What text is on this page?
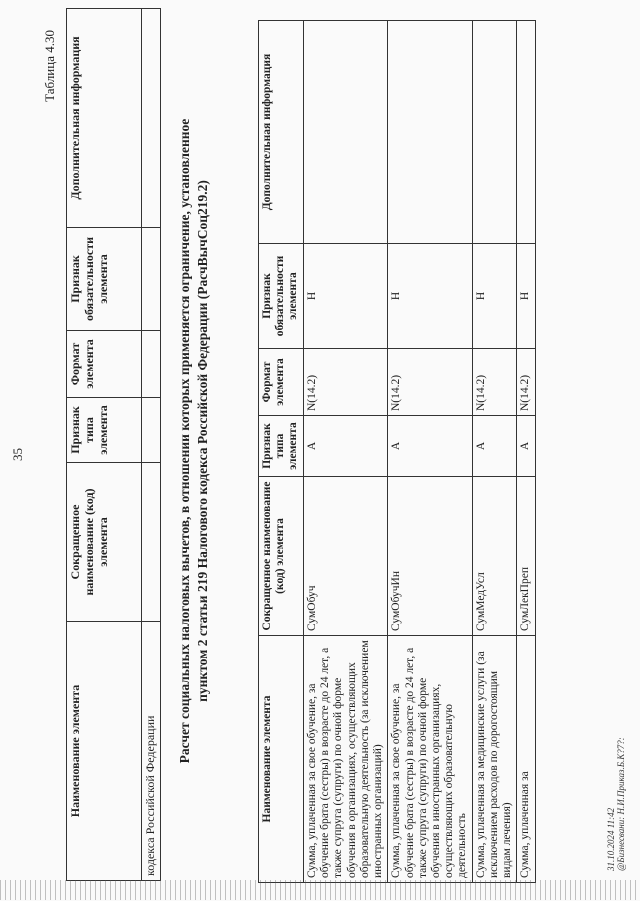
35
Наименование элемента	Сокращенное наименование (код) элемента	Признак типа элемента	Формат элемента	Признак обязательности элемента	Дополнительная информация
кодекса Российской Федерации					
Таблица 4.30
Расчет социальных налоговых вычетов, в отношении которых применяется ограничение, установленное пунктом 2 статьи 219 Налогового кодекса Российской Федерации (РасчВычСоц219.2)
Наименование элемента	Сокращенное наименование (код) элемента	Признак типа элемента	Формат элемента	Признак обязательности элемента	Дополнительная информация
Сумма, уплаченная за свое обучение, за обучение брата (сестры) в возрасте до 24 лет, а также супруга (супруги) по очной форме обучения в организациях, осуществляющих образовательную деятельность (за исключением иностранных организаций)	СумОбуч	А	N(14.2)	Н	
Сумма, уплаченная за свое обучение, за обучение брата (сестры) в возрасте до 24 лет, а также супруга (супруги) по очной форме обучения в иностранных организациях, осуществляющих образовательную деятельность	СумОбучИн	А	N(14.2)	Н	
Сумма, уплаченная за медицинские услуги (за исключением расходов по дорогостоящим видам лечения)	СумМедУсл	А	N(14.2)	Н	
Сумма, уплаченная за	СумЛекПреп	А	N(14.2)	Н	
31.10.2024 11:42 @Бизнесвани: Н.И.Приказ.Б.К?7?:
